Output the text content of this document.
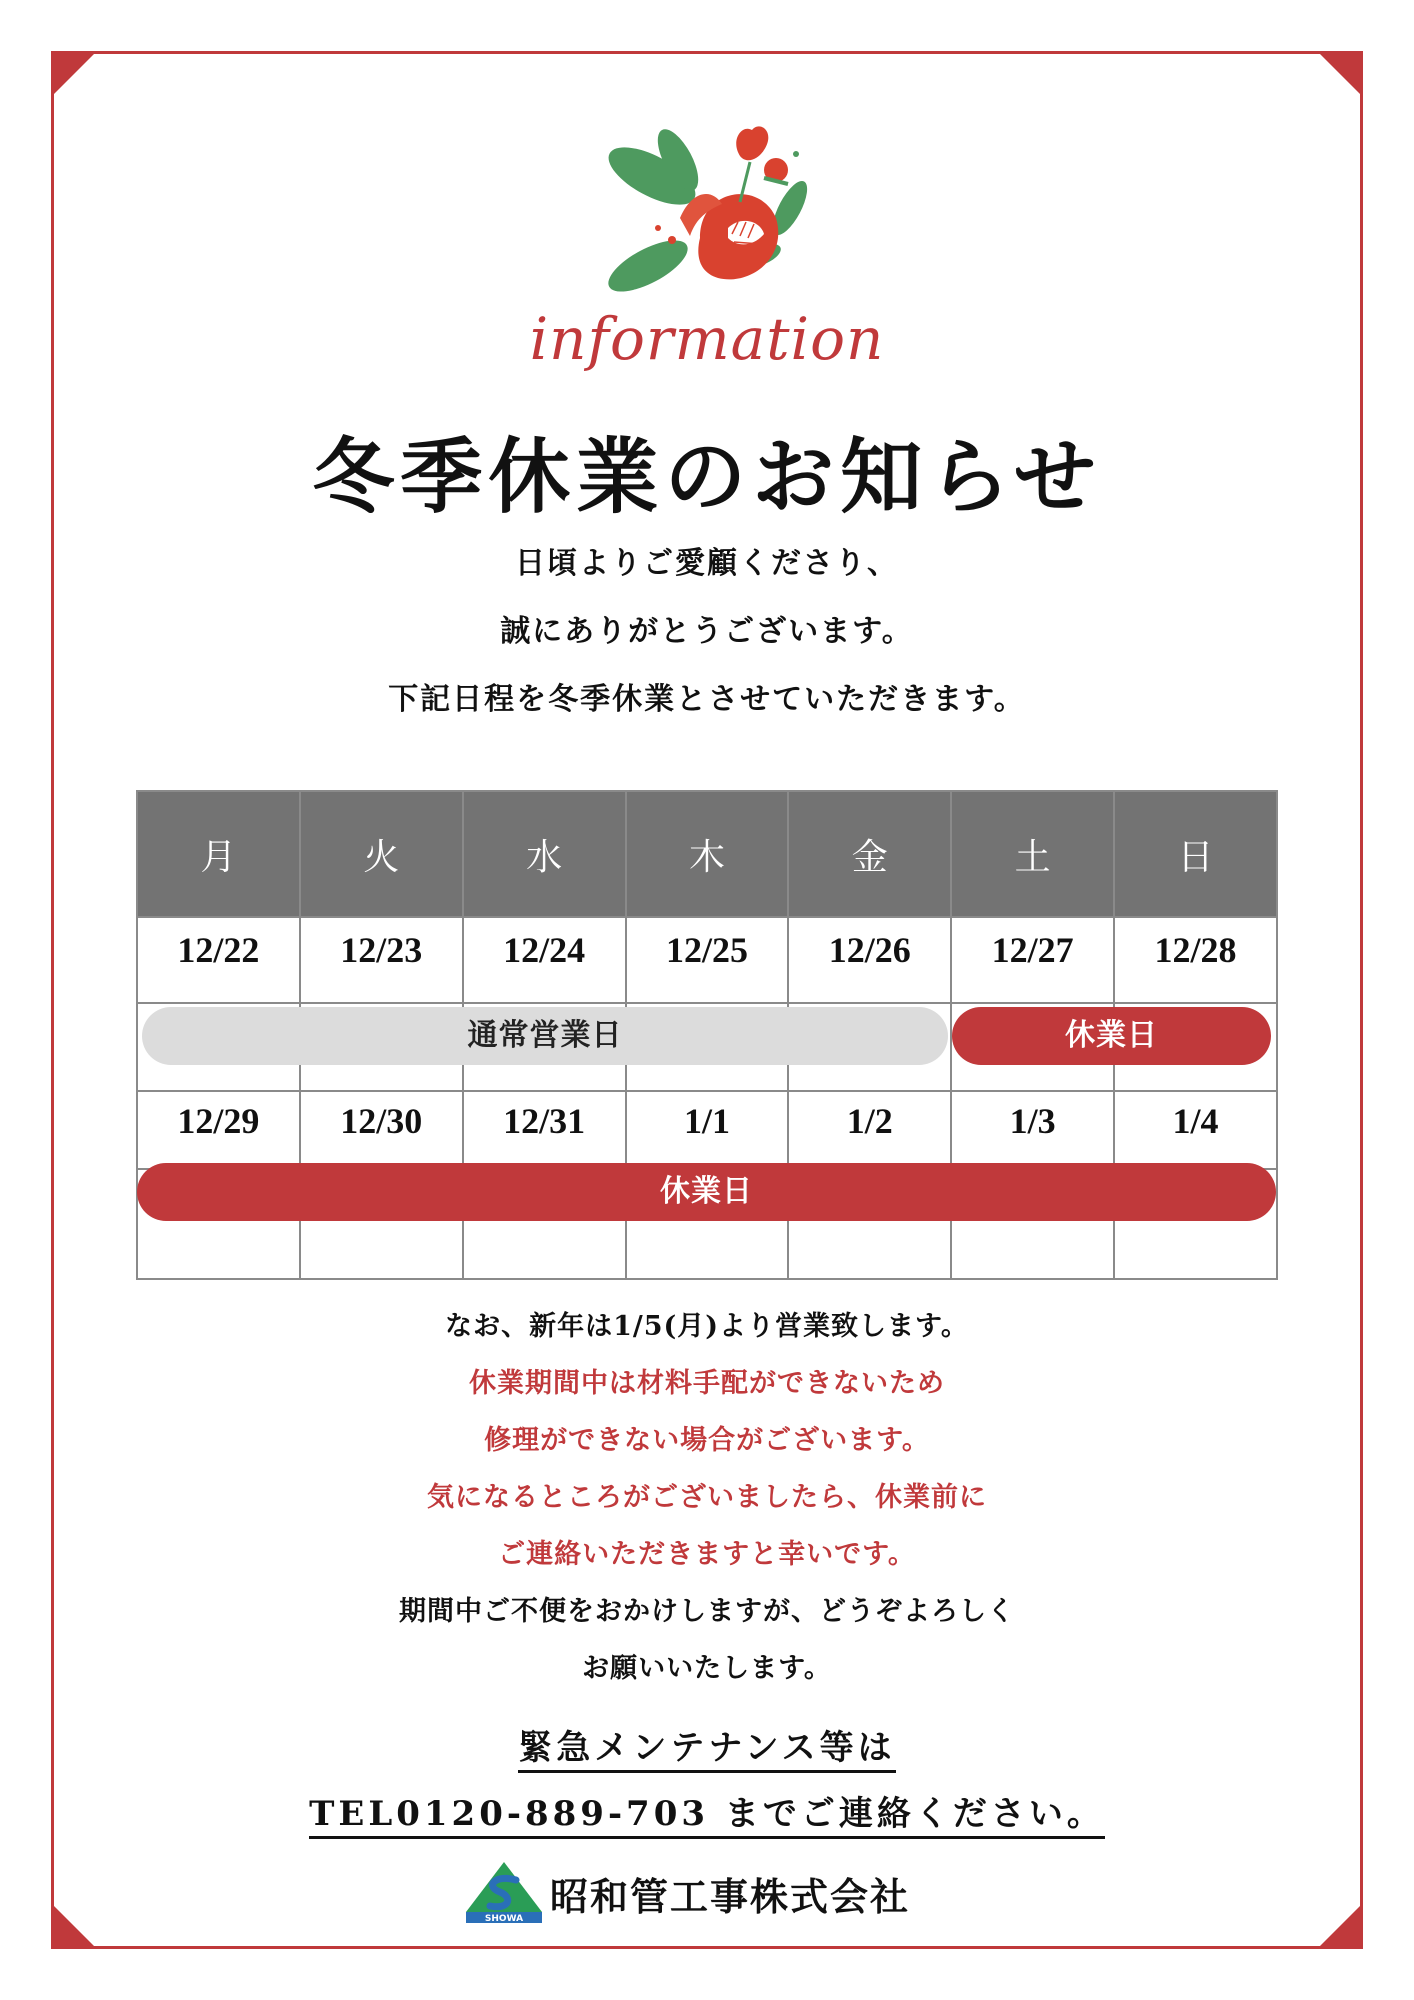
information
冬季休業のお知らせ
日頃よりご愛顧くださり、
誠にありがとうございます。
下記日程を冬季休業とさせていただきます。
月	火	水	木	金	土	日
12/22	12/23	12/24	12/25	12/26	12/27	12/28

12/29	12/30	12/31	1/1	1/2	1/3	1/4

通常営業日	休業日
休業日
なお、新年は1/5(月)より営業致します。
休業期間中は材料手配ができないため
修理ができない場合がございます。
気になるところがございましたら、休業前に
ご連絡いただきますと幸いです。
期間中ご不便をおかけしますが、どうぞよろしく
お願いいたします。
緊急メンテナンス等は
TEL0120-889-703 までご連絡ください。
SHOWA 昭和管工事株式会社
